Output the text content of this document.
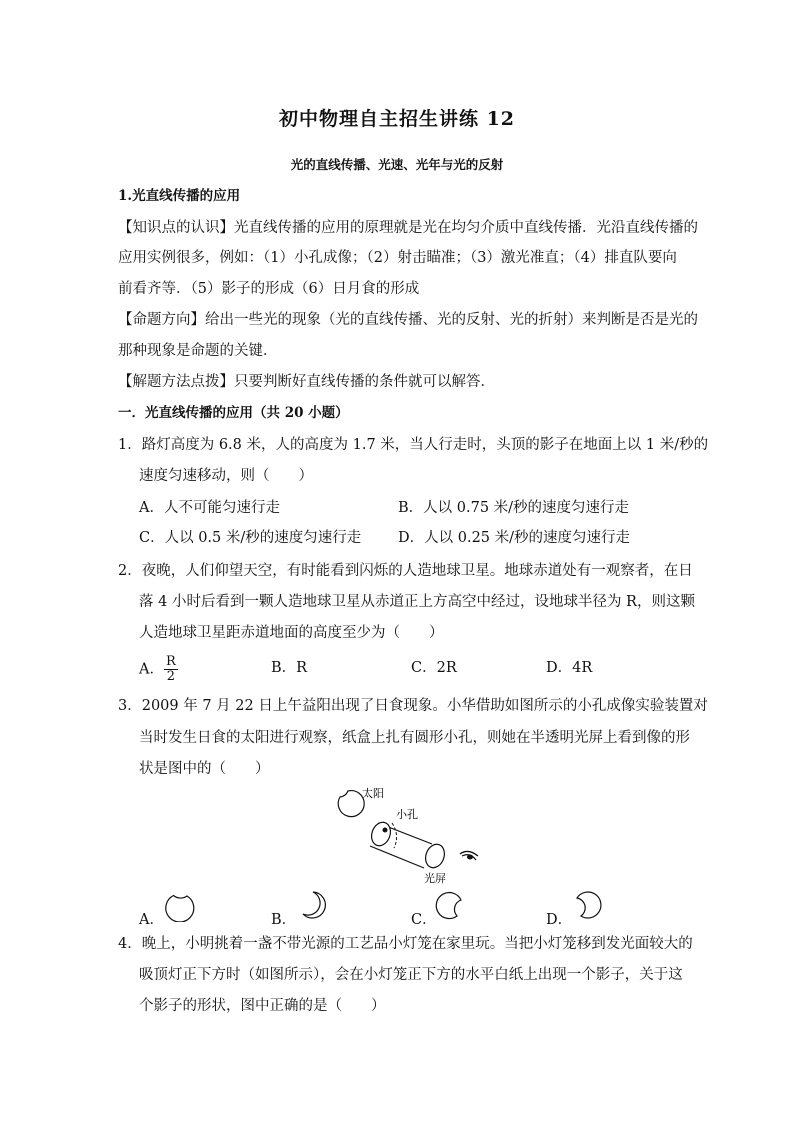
初中物理自主招生讲练 12
光的直线传播、光速、光年与光的反射
1.光直线传播的应用
【知识点的认识】光直线传播的应用的原理就是光在均匀介质中直线传播．光沿直线传播的
应用实例很多，例如：（1）小孔成像；（2）射击瞄准；（3）激光准直；（4）排直队要向
前看齐等．（5）影子的形成（6）日月食的形成
【命题方向】给出一些光的现象（光的直线传播、光的反射、光的折射）来判断是否是光的
那种现象是命题的关键．
【解题方法点拨】只要判断好直线传播的条件就可以解答．
一．光直线传播的应用（共 20 小题）
1．路灯高度为 6.8 米，人的高度为 1.7 米，当人行走时，头顶的影子在地面上以 1 米/秒的
速度匀速移动，则（　　）
A．人不可能匀速行走	B．人以 0.75 米/秒的速度匀速行走
C．人以 0.5 米/秒的速度匀速行走	D．人以 0.25 米/秒的速度匀速行走
2．夜晚，人们仰望天空，有时能看到闪烁的人造地球卫星。地球赤道处有一观察者，在日
落 4 小时后看到一颗人造地球卫星从赤道正上方高空中经过，设地球半径为 R，则这颗
人造地球卫星距赤道地面的高度至少为（　　）
A． $\frac{R}{2}$	B．R	C．2R	D．4R
3．2009 年 7 月 22 日上午益阳出现了日食现象。小华借助如图所示的小孔成像实验装置对
当时发生日食的太阳进行观察，纸盒上扎有圆形小孔，则她在半透明光屏上看到像的形
状是图中的（　　）
太阳
小孔
光屏
A．	B．	C．	D．
4．晚上，小明挑着一盏不带光源的工艺品小灯笼在家里玩。当把小灯笼移到发光面较大的
吸顶灯正下方时（如图所示），会在小灯笼正下方的水平白纸上出现一个影子，关于这
个影子的形状，图中正确的是（　　）
